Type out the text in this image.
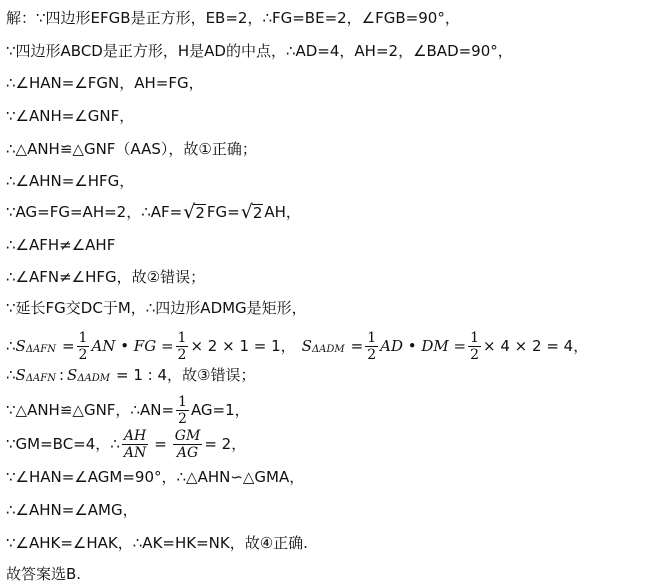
解：∵四边形EFGB是正方形，EB=2，∴FG=BE=2，∠FGB=90°，
∵四边形ABCD是正方形，H是AD的中点，∴AD=4，AH=2，∠BAD=90°，
∴∠HAN=∠FGN，AH=FG，
∵∠ANH=∠GNF，
∴△ANH≌△GNF（AAS），故①正确；
∴∠AHN=∠HFG，
∵AG=FG=AH=2，∴AF= √ 2 FG= √ 2 AH，
∴∠AFH≠∠AHF
∴∠AFN≠∠HFG，故②错误；
∵延长FG交DC于M，∴四边形ADMG是矩形，
∴ S $\Delta AFN = \frac{1}{2}$ AN • FG = $\frac{1}{2} \times 2 \times 1 = 1$， S $\Delta ADM = \frac{1}{2}$ AD • DM = $\frac{1}{2} \times 4 \times 2 = 4$，
∴ S ΔAFN : S ΔADM = 1 : 4，故③错误；
∵△ANH≌△GNF，∴AN= $\frac{1}{2} AG=1$，
∵GM=BC=4，∴ $\frac{AH}{AN} = \frac{GM}{AG} = 2$，
∵∠HAN=∠AGM=90°，∴△AHN∽△GMA，
∴∠AHN=∠AMG，
∵∠AHK=∠HAK，∴AK=HK=NK，故④正确.
故答案选B.
